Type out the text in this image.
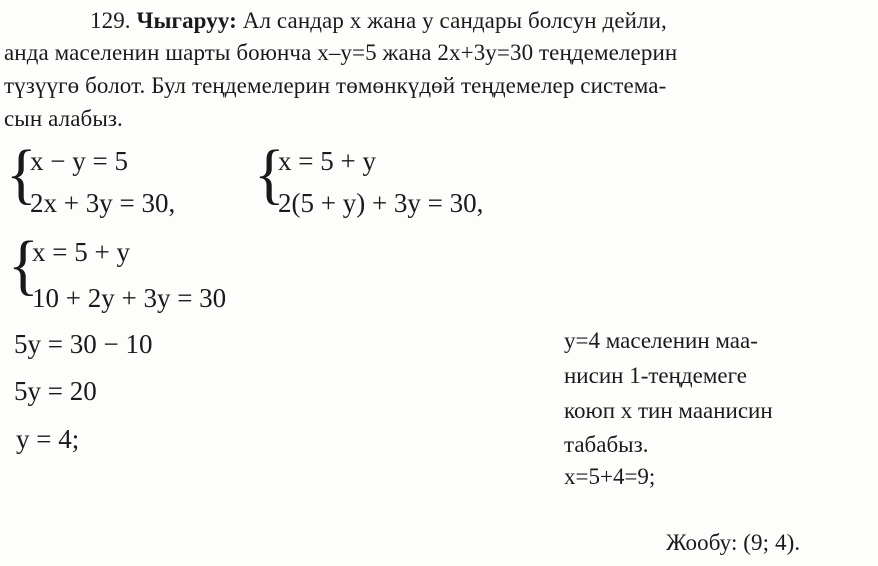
129. Чыгаруу: Ал сандар x жана y сандары болсун дейли,
анда маселенин шарты боюнча x–y=5 жана 2x+3y=30 теңдемелерин
түзүүгө болот. Бул теңдемелерин төмөнкүдөй теңдемелер система-
сын алабыз.
{
x − y = 5
2x + 3y = 30, {
x = 5 + y
2(5 + y) + 3y = 30,
{
x = 5 + y
10 + 2y + 3y = 30
5y = 30 − 10
5y = 20
y = 4;
y=4 маселенин маа-
нисин 1-теңдемеге
коюп x тин маанисин
табабыз.
x=5+4=9;
Жообу: (9; 4).
